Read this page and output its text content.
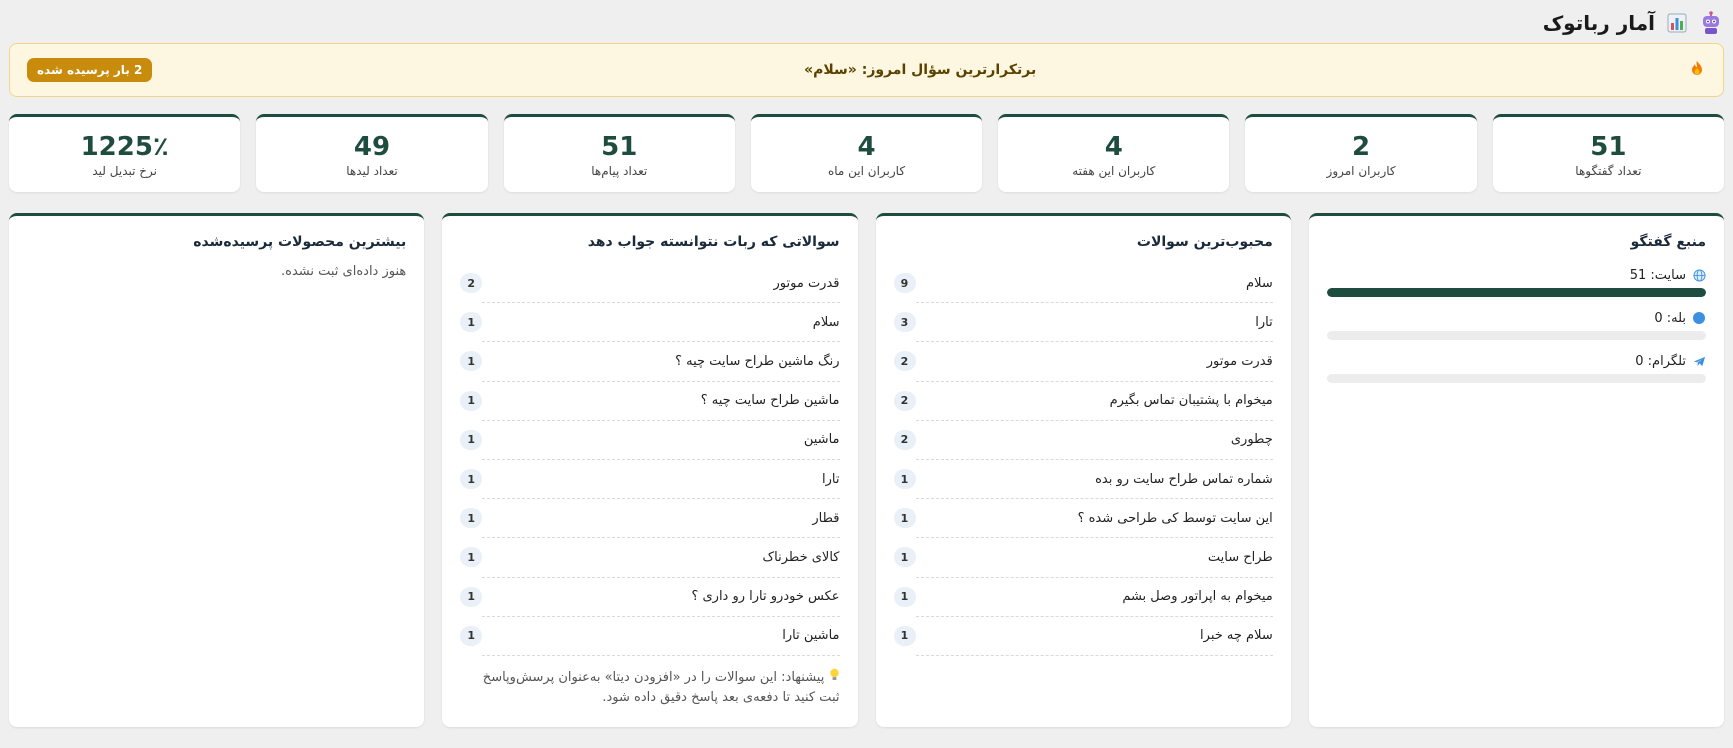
آمار رباتوک
برتکرارترین سؤال امروز: «سلام»
2 بار پرسیده شده
51
تعداد گفتگوها
2
کاربران امروز
4
کاربران این هفته
4
کاربران این ماه
51
تعداد پیام‌ها
49
تعداد لیدها
1225٪
نرخ تبدیل لید
منبع گفتگو
سایت: 51
بله: 0
تلگرام: 0
محبوب‌ترین سوالات
سلام
9
تارا
3
قدرت موتور
2
میخوام با پشتیبان تماس بگیرم
2
چطوری
2
شماره تماس طراح سایت رو بده
1
این سایت توسط کی طراحی شده ؟
1
طراح سایت
1
میخوام به اپراتور وصل بشم
1
سلام چه خبرا
1
سوالاتی که ربات نتوانسته جواب دهد
قدرت موتور
2
سلام
1
رنگ ماشین طراح سایت چیه ؟
1
ماشین طراح سایت چیه ؟
1
ماشین
1
تارا
1
قطار
1
کالای خطرناک
1
عکس خودرو تارا رو داری ؟
1
ماشین تارا
1
پیشنهاد: این سوالات را در «افزودن دیتا» به‌عنوان پرسش‌وپاسخ ثبت کنید تا دفعه‌ی بعد پاسخ دقیق داده شود.
بیشترین محصولات پرسیده‌شده
هنوز داده‌ای ثبت نشده.
